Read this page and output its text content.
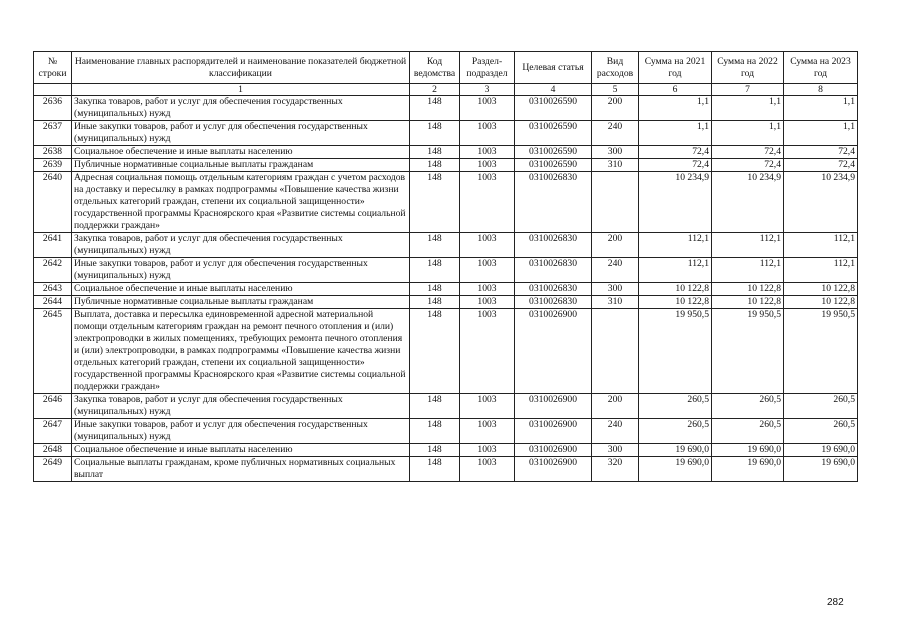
№ строки	Наименование главных распорядителей и наименование показателей бюджетной классификации	Код ведомства	Раздел-подраздел	Целевая статья	Вид расходов	Сумма на 2021 год	Сумма на 2022 год	Сумма на 2023 год
	1	2	3	4	5	6	7	8
2636	Закупка товаров, работ и услуг для обеспечения государственных (муниципальных) нужд	148	1003	0310026590	200	1,1	1,1	1,1
2637	Иные закупки товаров, работ и услуг для обеспечения государственных (муниципальных) нужд	148	1003	0310026590	240	1,1	1,1	1,1
2638	Социальное обеспечение и иные выплаты населению	148	1003	0310026590	300	72,4	72,4	72,4
2639	Публичные нормативные социальные выплаты гражданам	148	1003	0310026590	310	72,4	72,4	72,4
2640	Адресная социальная помощь отдельным категориям граждан с учетом расходов на доставку и пересылку в рамках подпрограммы «Повышение качества жизни отдельных категорий граждан, степени их социальной защищенности» государственной программы Красноярского края «Развитие системы социальной поддержки граждан»	148	1003	0310026830		10 234,9	10 234,9	10 234,9
2641	Закупка товаров, работ и услуг для обеспечения государственных (муниципальных) нужд	148	1003	0310026830	200	112,1	112,1	112,1
2642	Иные закупки товаров, работ и услуг для обеспечения государственных (муниципальных) нужд	148	1003	0310026830	240	112,1	112,1	112,1
2643	Социальное обеспечение и иные выплаты населению	148	1003	0310026830	300	10 122,8	10 122,8	10 122,8
2644	Публичные нормативные социальные выплаты гражданам	148	1003	0310026830	310	10 122,8	10 122,8	10 122,8
2645	Выплата, доставка и пересылка единовременной адресной материальной помощи отдельным категориям граждан на ремонт печного отопления и (или) электропроводки в жилых помещениях, требующих ремонта печного отопления и (или) электропроводки, в рамках подпрограммы «Повышение качества жизни отдельных категорий граждан, степени их социальной защищенности» государственной программы Красноярского края «Развитие системы социальной поддержки граждан»	148	1003	0310026900		19 950,5	19 950,5	19 950,5
2646	Закупка товаров, работ и услуг для обеспечения государственных (муниципальных) нужд	148	1003	0310026900	200	260,5	260,5	260,5
2647	Иные закупки товаров, работ и услуг для обеспечения государственных (муниципальных) нужд	148	1003	0310026900	240	260,5	260,5	260,5
2648	Социальное обеспечение и иные выплаты населению	148	1003	0310026900	300	19 690,0	19 690,0	19 690,0
2649	Социальные выплаты гражданам, кроме публичных нормативных социальных выплат	148	1003	0310026900	320	19 690,0	19 690,0	19 690,0
282
